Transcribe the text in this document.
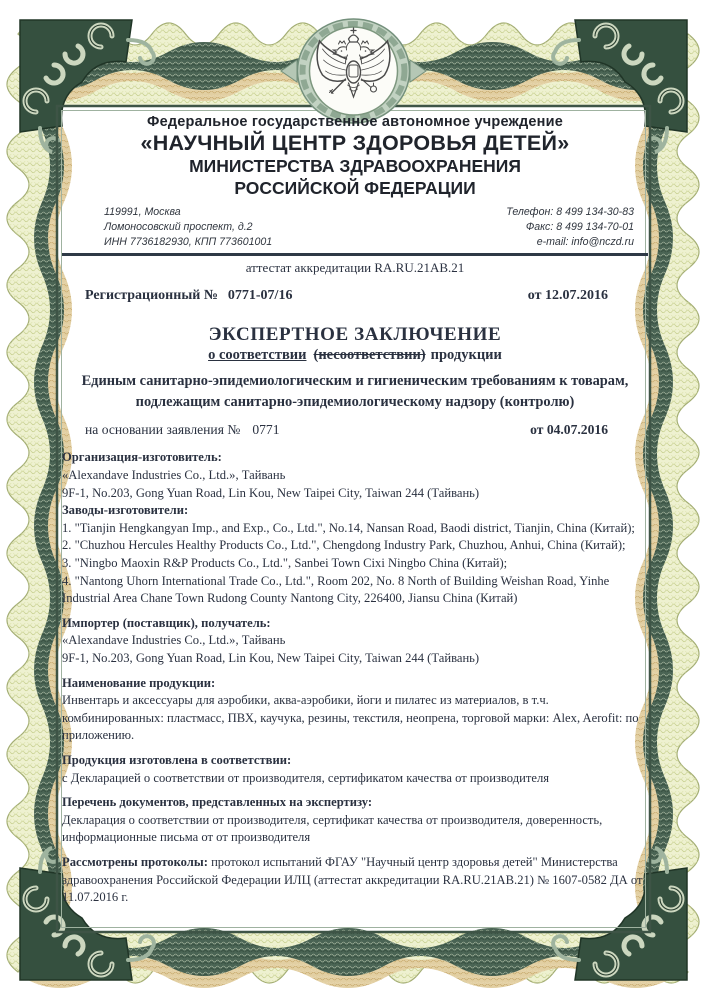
Федеральное государственное автономное учреждение
«НАУЧНЫЙ ЦЕНТР ЗДОРОВЬЯ ДЕТЕЙ»
МИНИСТЕРСТВА ЗДРАВООХРАНЕНИЯ
РОССИЙСКОЙ ФЕДЕРАЦИИ
119991, Москва
Ломоносовский проспект, д.2
ИНН 7736182930, КПП 773601001
Телефон: 8 499 134-30-83
Факс: 8 499 134-70-01
e-mail: info@nczd.ru
аттестат аккредитации RA.RU.21АВ.21
Регистрационный № 0771-07/16	от 12.07.2016
ЭКСПЕРТНОЕ ЗАКЛЮЧЕНИЕ
о соответствии (несоответствии) продукции
Единым санитарно-эпидемиологическим и гигиеническим требованиям к товарам,
подлежащим санитарно-эпидемиологическому надзору (контролю)
на основании заявления № 0771	от 04.07.2016

Организация-изготовитель:

«Alexandave Industries Co., Ltd.», Тайвань

9F-1, No.203, Gong Yuan Road, Lin Kou, New Taipei City, Taiwan 244 (Тайвань)

Заводы-изготовители:

1. "Tianjin Hengkangyan Imp., and Exp., Co., Ltd.", No.14, Nansan Road, Baodi district, Tianjin, China (Китай);

2. "Chuzhou Hercules Healthy Products Co., Ltd.", Chengdong Industry Park, Chuzhou, Anhui, China (Китай);

3. "Ningbo Maoxin R&P Products Co., Ltd.", Sanbei Town Cixi Ningbo China (Китай);

4. "Nantong Uhorn International Trade Co., Ltd.", Room 202, No. 8 North of Building Weishan Road, Yinhe Industrial Area Chane Town Rudong County Nantong City, 226400, Jiansu China (Китай)

Импортер (поставщик), получатель:

«Alexandave Industries Co., Ltd.», Тайвань

9F-1, No.203, Gong Yuan Road, Lin Kou, New Taipei City, Taiwan 244 (Тайвань)

Наименование продукции:

Инвентарь и аксессуары для аэробики, аква-аэробики, йоги и пилатес из материалов, в т.ч. комбинированных: пластмасс, ПВХ, каучука, резины, текстиля, неопрена, торговой марки: Alex, Aerofit: по приложению.

Продукция изготовлена в соответствии:

с Декларацией о соответствии от производителя, сертификатом качества от производителя

Перечень документов, представленных на экспертизу:

Декларация о соответствии от производителя, сертификат качества от производителя, доверенность, информационные письма от от производителя

Рассмотрены протоколы: протокол испытаний ФГАУ "Научный центр здоровья детей" Министерства здравоохранения Российской Федерации ИЛЦ (аттестат аккредитации RA.RU.21АВ.21) № 1607-0582 ДА от 11.07.2016 г.
